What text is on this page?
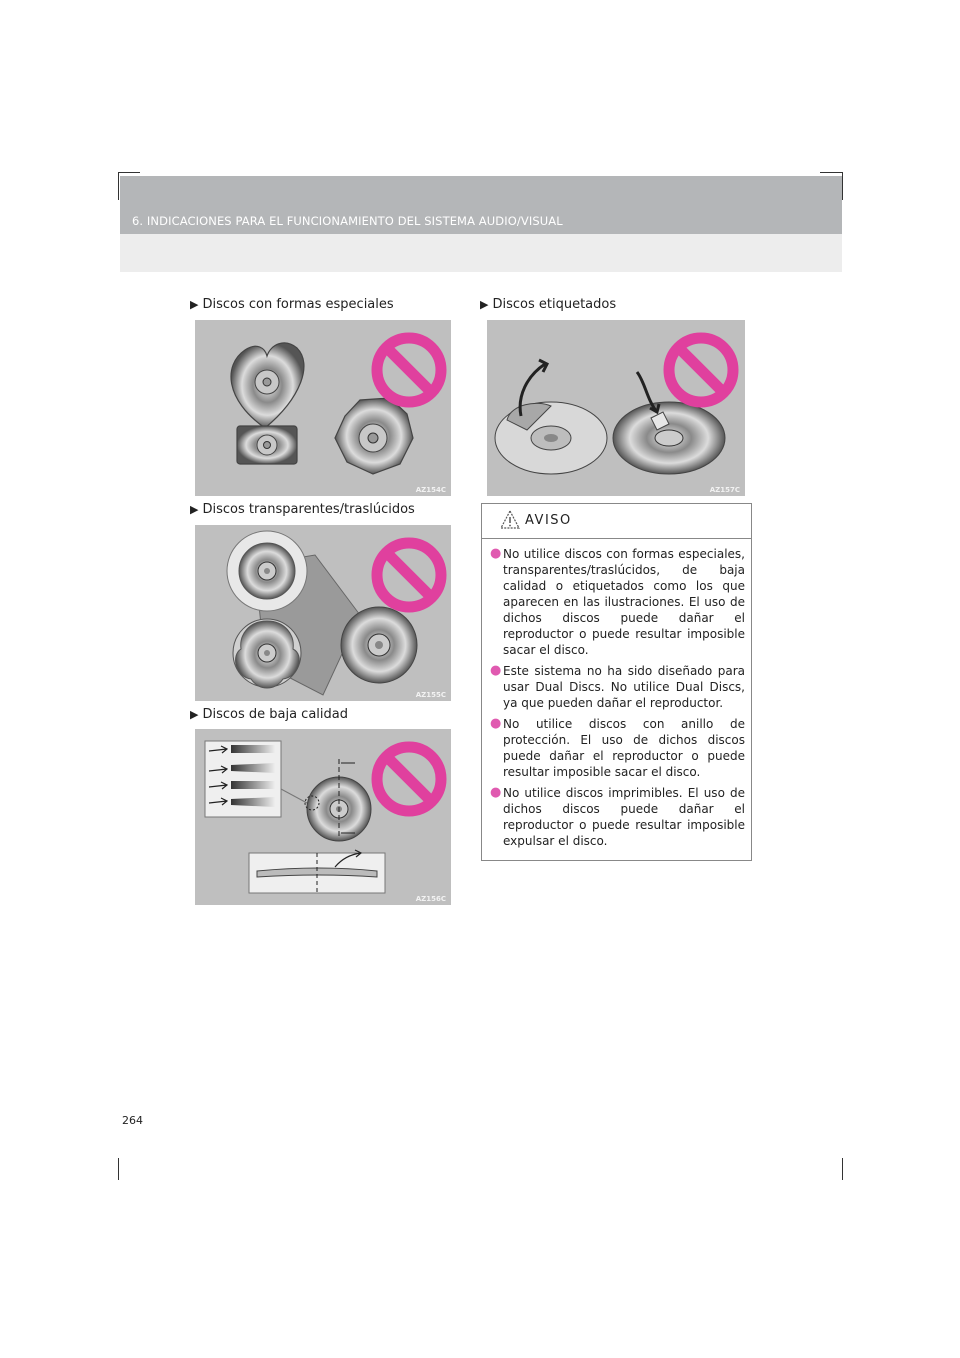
6. INDICACIONES PARA EL FUNCIONAMIENTO DEL SISTEMA AUDIO/VISUAL
▶ Discos con formas especiales
AZ154C
▶ Discos transparentes/traslúcidos
AZ155C
▶ Discos de baja calidad
AZ156C
▶ Discos etiquetados
AZ157C
AVISO
● No utilice discos con formas especiales, transparentes/traslúcidos, de baja calidad o etiquetados como los que aparecen en las ilustraciones. El uso de dichos discos puede dañar el reproductor o puede resultar imposible sacar el disco.
● Este sistema no ha sido diseñado para usar Dual Discs. No utilice Dual Discs, ya que pueden dañar el reproductor.
● No utilice discos con anillo de protección. El uso de dichos discos puede dañar el reproductor o puede resultar imposible sacar el disco.
● No utilice discos imprimibles. El uso de dichos discos puede dañar el reproductor o puede resultar imposible expulsar el disco.
264
